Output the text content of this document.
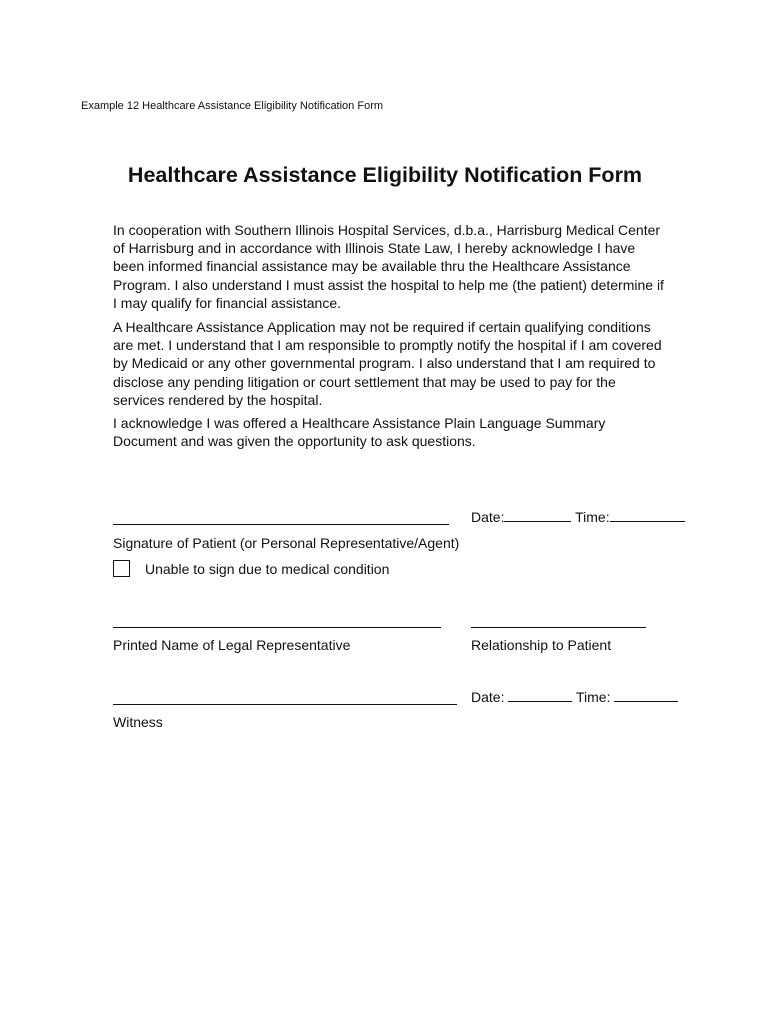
Example 12 Healthcare Assistance Eligibility Notification Form
Healthcare Assistance Eligibility Notification Form

In cooperation with Southern Illinois Hospital Services, d.b.a., Harrisburg Medical Center
of Harrisburg and in accordance with Illinois State Law, I hereby acknowledge I have
been informed financial assistance may be available thru the Healthcare Assistance
Program. I also understand I must assist the hospital to help me (the patient) determine if
I may qualify for financial assistance.

A Healthcare Assistance Application may not be required if certain qualifying conditions
are met. I understand that I am responsible to promptly notify the hospital if I am covered
by Medicaid or any other governmental program. I also understand that I am required to
disclose any pending litigation or court settlement that may be used to pay for the
services rendered by the hospital.

I acknowledge I was offered a Healthcare Assistance Plain Language Summary
Document and was given the opportunity to ask questions.

Date:	Time:
Signature of Patient (or Personal Representative/Agent)
Unable to sign due to medical condition
Printed Name of Legal Representative	Relationship to Patient
Date:	Time:
Witness
